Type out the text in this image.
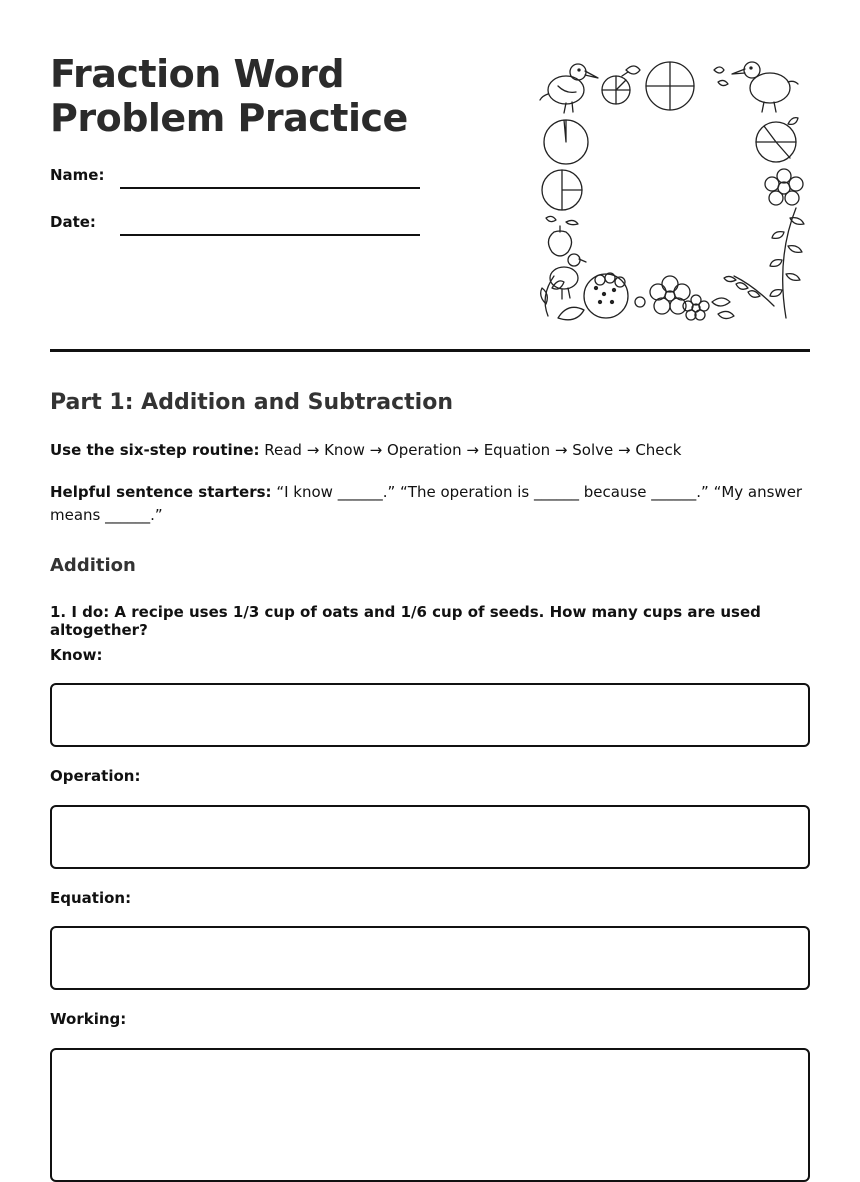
Fraction Word Problem Practice
Name:
Date:
Part 1: Addition and Subtraction

Use the six-step routine: Read → Know → Operation → Equation → Solve → Check

Helpful sentence starters: “I know ______.” “The operation is ______ because ______.” “My answer means ______.”

Addition

1. I do: A recipe uses 1/3 cup of oats and 1/6 cup of seeds. How many cups are used altogether?

Know:
Operation:
Equation:
Working:
